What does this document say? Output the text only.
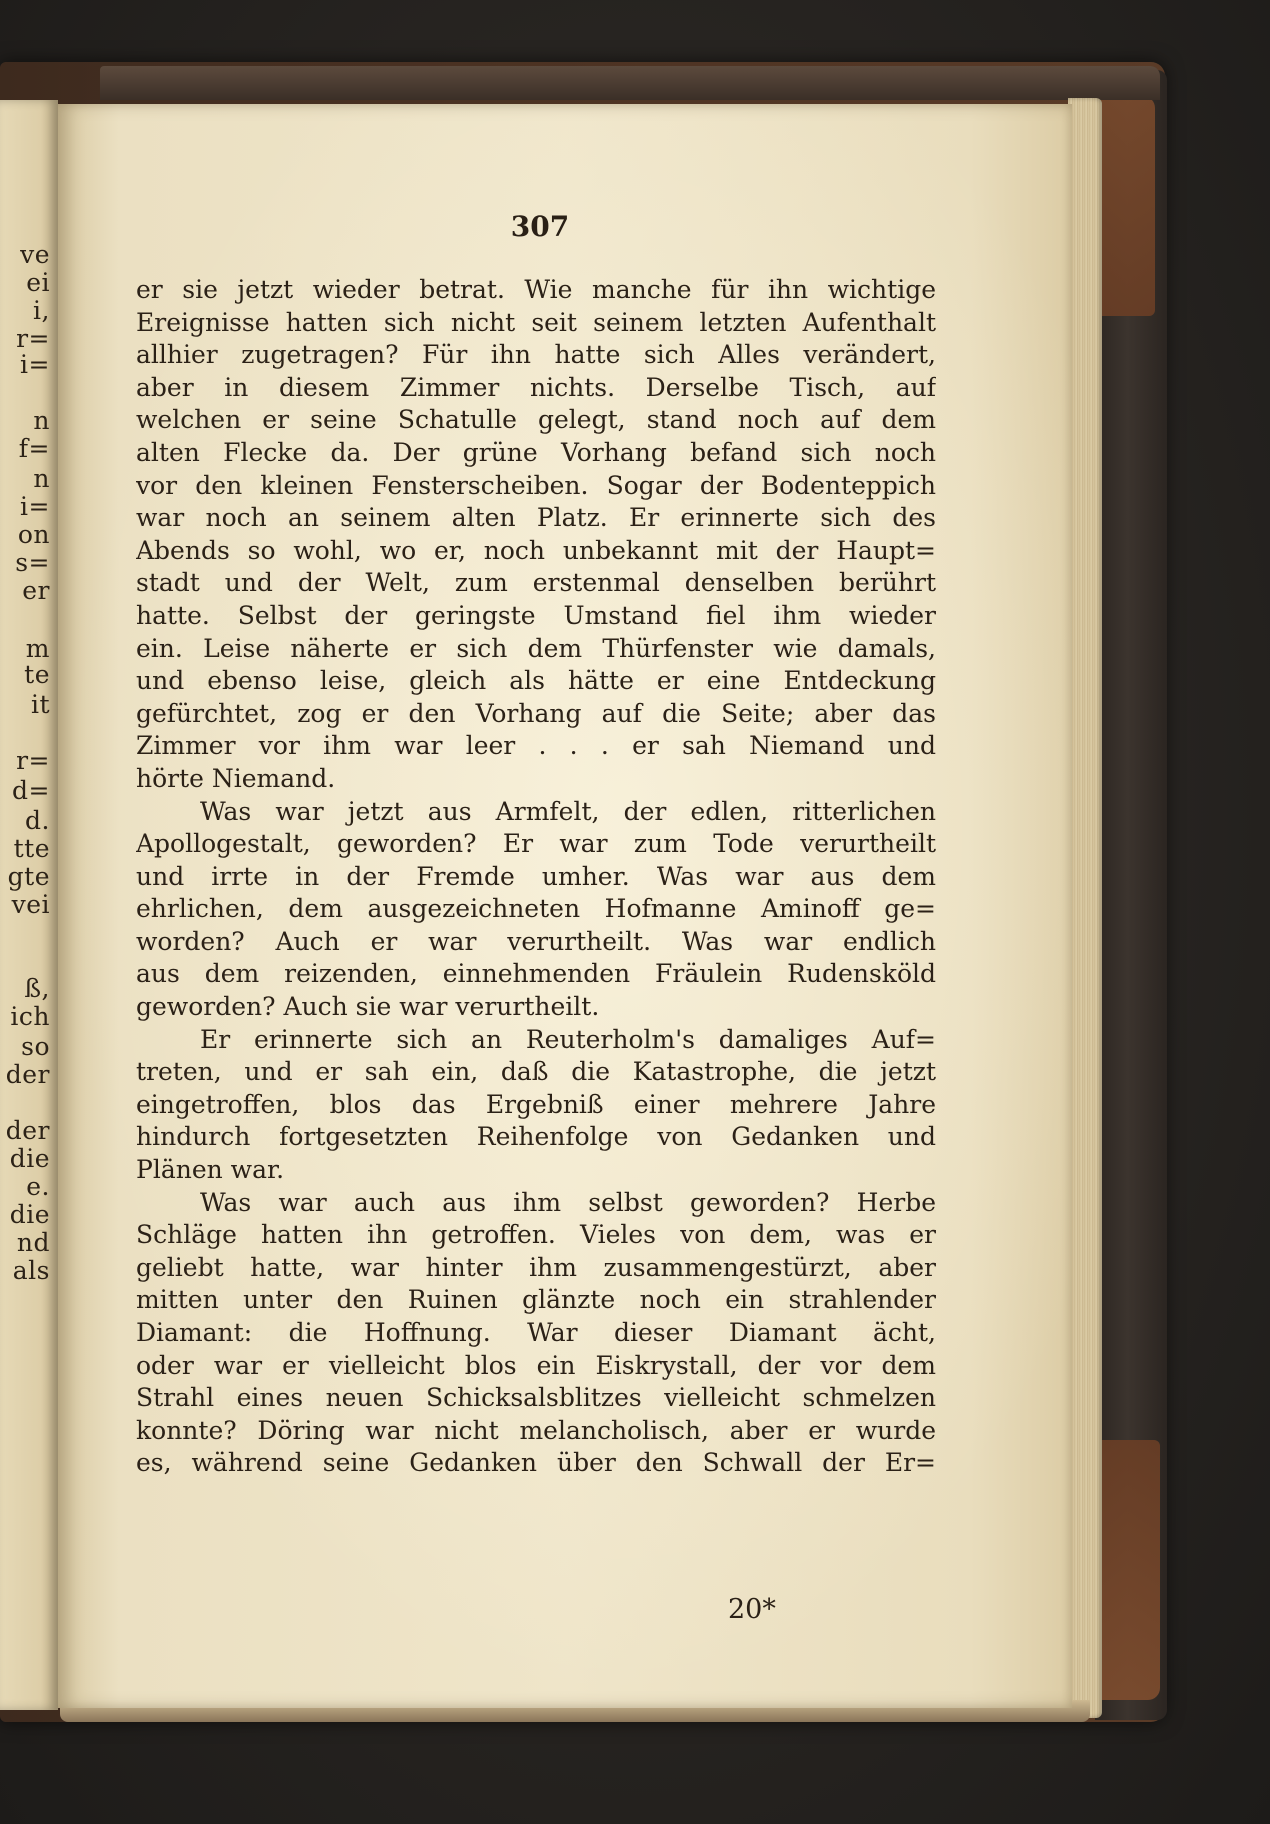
ve
ei
i,
r=
i=
n
f=
n
i=
on
s=
er
m
te
it
r=
d=
d.
tte
gte
vei
ß,
ich
so
der
der
die
e.
die
nd
als
307
er sie jetzt wieder betrat. Wie manche für ihn wichtige
Ereignisse hatten sich nicht seit seinem letzten Aufenthalt
allhier zugetragen? Für ihn hatte sich Alles verändert,
aber in diesem Zimmer nichts. Derselbe Tisch, auf
welchen er seine Schatulle gelegt, stand noch auf dem
alten Flecke da. Der grüne Vorhang befand sich noch
vor den kleinen Fensterscheiben. Sogar der Bodenteppich
war noch an seinem alten Platz. Er erinnerte sich des
Abends so wohl, wo er, noch unbekannt mit der Haupt=
stadt und der Welt, zum erstenmal denselben berührt
hatte. Selbst der geringste Umstand fiel ihm wieder
ein. Leise näherte er sich dem Thürfenster wie damals,
und ebenso leise, gleich als hätte er eine Entdeckung
gefürchtet, zog er den Vorhang auf die Seite; aber das
Zimmer vor ihm war leer . . . er sah Niemand und
hörte Niemand.
Was war jetzt aus Armfelt, der edlen, ritterlichen
Apollogestalt, geworden? Er war zum Tode verurtheilt
und irrte in der Fremde umher. Was war aus dem
ehrlichen, dem ausgezeichneten Hofmanne Aminoff ge=
worden? Auch er war verurtheilt. Was war endlich
aus dem reizenden, einnehmenden Fräulein Rudensköld
geworden? Auch sie war verurtheilt.
Er erinnerte sich an Reuterholm's damaliges Auf=
treten, und er sah ein, daß die Katastrophe, die jetzt
eingetroffen, blos das Ergebniß einer mehrere Jahre
hindurch fortgesetzten Reihenfolge von Gedanken und
Plänen war.
Was war auch aus ihm selbst geworden? Herbe
Schläge hatten ihn getroffen. Vieles von dem, was er
geliebt hatte, war hinter ihm zusammengestürzt, aber
mitten unter den Ruinen glänzte noch ein strahlender
Diamant: die Hoffnung. War dieser Diamant ächt,
oder war er vielleicht blos ein Eiskrystall, der vor dem
Strahl eines neuen Schicksalsblitzes vielleicht schmelzen
konnte? Döring war nicht melancholisch, aber er wurde
es, während seine Gedanken über den Schwall der Er=
20*
